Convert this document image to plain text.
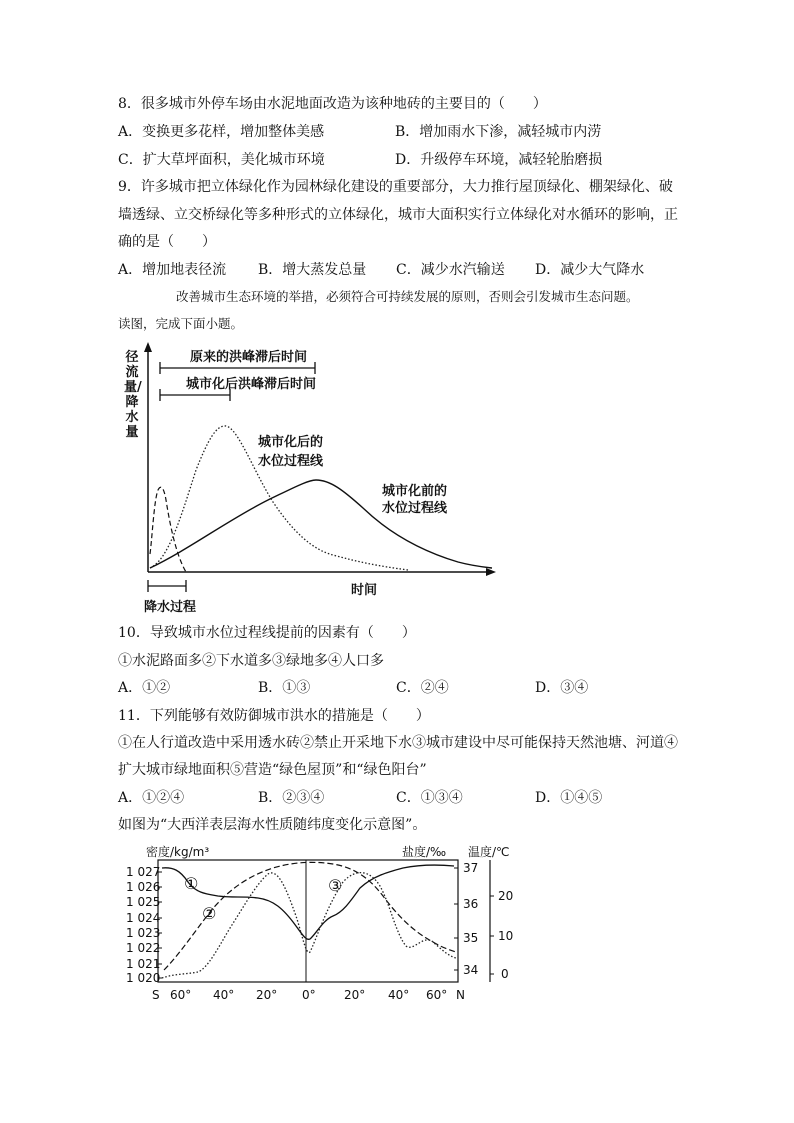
8．很多城市外停车场由水泥地面改造为该种地砖的主要目的（　　）
A．变换更多花样，增加整体美感	B．增加雨水下渗，减轻城市内涝
C．扩大草坪面积，美化城市环境	D．升级停车环境，减轻轮胎磨损
9．许多城市把立体绿化作为园林绿化建设的重要部分，大力推行屋顶绿化、棚架绿化、破
墙透绿、立交桥绿化等多种形式的立体绿化，城市大面积实行立体绿化对水循环的影响，正
确的是（　　）
A．增加地表径流 B．增大蒸发总量 C．减少水汽输送 D．减少大气降水
改善城市生态环境的举措，必须符合可持续发展的原则，否则会引发城市生态问题。
读图，完成下面小题。
径流量/降水量
原来的洪峰滞后时间
城市化后洪峰滞后时间
城市化后的
水位过程线
城市化前的
水位过程线
时间
降水过程
10．导致城市水位过程线提前的因素有（　　）
①水泥路面多②下水道多③绿地多④人口多
A．①②	B．①③	C．②④	D．③④
11．下列能够有效防御城市洪水的措施是（　　）
①在人行道改造中采用透水砖②禁止开采地下水③城市建设中尽可能保持天然池塘、河道④
扩大城市绿地面积⑤营造“绿色屋顶”和“绿色阳台”
A．①②④	B．②③④	C．①③④	D．①④⑤
如图为“大西洋表层海水性质随纬度变化示意图”。
密度/kg/m³	盐度/‰ 温度/℃
1 027
1 026
1 025
1 024
1 023
1 022
1 021
1 020
37
36
35
34
20
10
0
S 60° 40° 20° 0° 20° 40° 60° N
①
②
③
